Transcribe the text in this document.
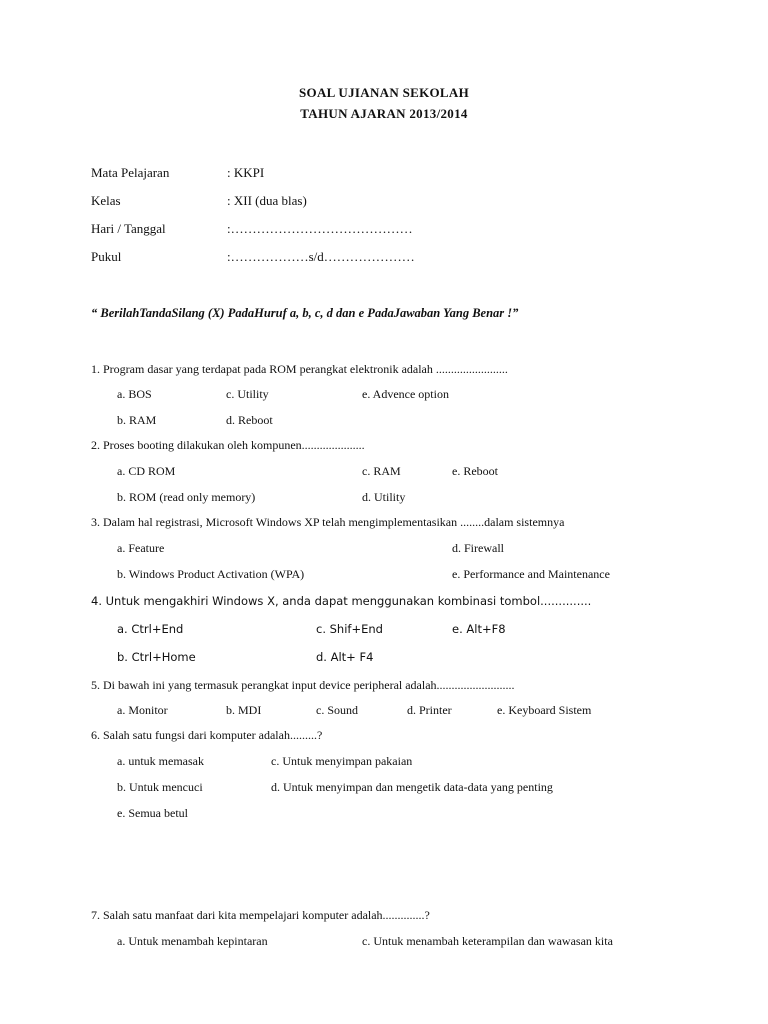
SOAL UJIANAN SEKOLAH
TAHUN AJARAN 2013/2014
Mata Pelajaran	: KKPI
Kelas	: XII (dua blas)
Hari / Tanggal	:……………………………………
Pukul	:………………s/d…………………
“ BerilahTandaSilang (X) PadaHuruf a, b, c, d dan e PadaJawaban Yang Benar !”
1. Program dasar yang terdapat pada ROM perangkat elektronik adalah ........................
a. BOS	c. Utility	e. Advence option
b. RAM	d. Reboot
2. Proses booting dilakukan oleh kompunen.....................
a. CD ROM	c. RAM	e. Reboot
b. ROM (read only memory)	d. Utility
3. Dalam hal registrasi, Microsoft Windows XP telah mengimplementasikan ........dalam sistemnya
a. Feature	d. Firewall
b. Windows Product Activation (WPA)	e. Performance and Maintenance
4. Untuk mengakhiri Windows X, anda dapat menggunakan kombinasi tombol..............
a. Ctrl+End	c. Shif+End	e. Alt+F8
b. Ctrl+Home	d. Alt+ F4
5. Di bawah ini yang termasuk perangkat input device peripheral adalah..........................
a. Monitor	b. MDI	c. Sound	d. Printer	e. Keyboard Sistem
6. Salah satu fungsi dari komputer adalah.........?
a. untuk memasak	c. Untuk menyimpan pakaian
b. Untuk mencuci	d. Untuk menyimpan dan mengetik data-data yang penting
e. Semua betul
7. Salah satu manfaat dari kita mempelajari komputer adalah..............?
a. Untuk menambah kepintaran	c. Untuk menambah keterampilan dan wawasan kita
